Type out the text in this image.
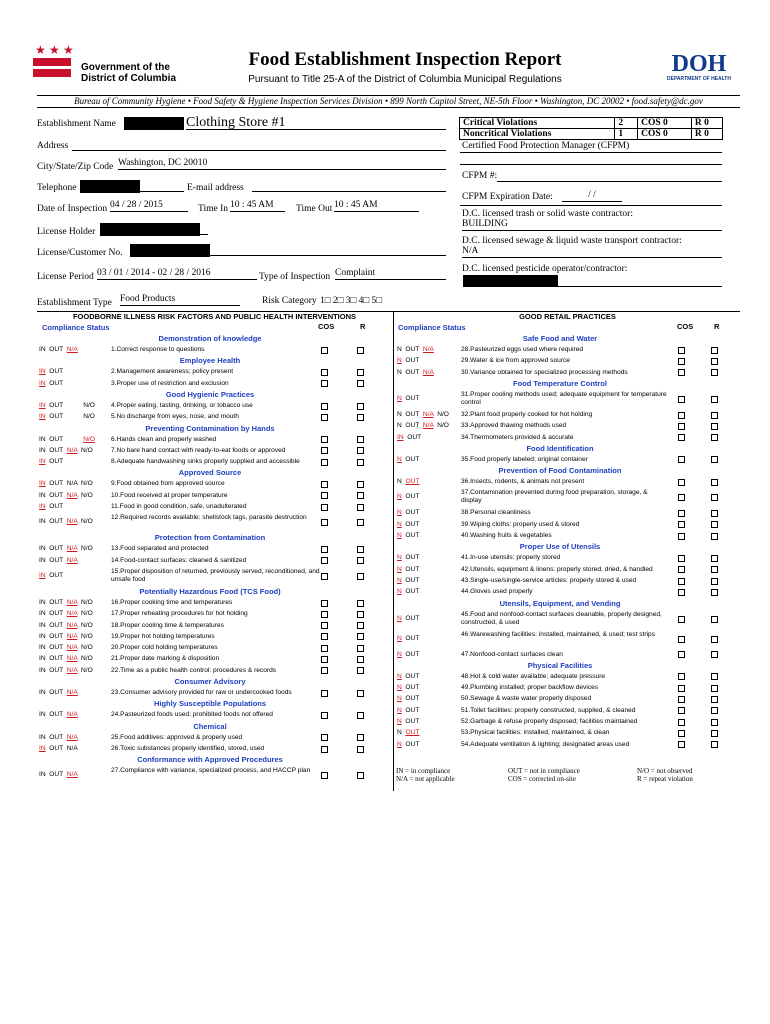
★ ★ ★
Government of the
District of Columbia
Food Establishment Inspection Report
Pursuant to Title 25-A of the District of Columbia Municipal Regulations
DOH
DEPARTMENT OF HEALTH
Bureau of Community Hygiene • Food Safety & Hygiene Inspection Services Division • 899 North Capitol Street, NE-5th Floor • Washington, DC 20002 • food.safety@dc.gov
Establishment Name	Clothing Store #1
Address
City/State/Zip Code Washington, DC 20010
Telephone	E-mail address
Date of Inspection 04 / 28 / 2015	Time In 10 : 45 AM	Time Out 10 : 45 AM
License Holder
License/Customer No.
License Period 03 / 01 / 2014 - 02 / 28 / 2016	Type of Inspection Complaint
Establishment Type Food Products	Risk Category 1□ 2□ 3□ 4□ 5□
Critical Violations	2	COS 0	R 0
Noncritical Violations	1	COS 0	R 0
Certified Food Protection Manager (CFPM)
CFPM #:
CFPM Expiration Date:	/ /
D.C. licensed trash or solid waste contractor:
BUILDING
D.C. licensed sewage & liquid waste transport contractor:
N/A
D.C. licensed pesticide operator/contractor:
FOODBORNE ILLNESS RISK FACTORS AND PUBLIC HEALTH INTERVENTIONS	GOOD RETAIL PRACTICES
Compliance Status	COS	R	Compliance Status	COS	R
Demonstration of knowledge
IN  OUT  N/A	1.Correct response to questions
Employee Health
IN  OUT	2.Management awareness; policy present
IN  OUT	3.Proper use of restriction and exclusion
Good Hygienic Practices
IN  OUT           N/O	4.Proper eating, tasting, drinking, or tobacco use
IN  OUT           N/O	5.No discharge from eyes, nose, and mouth
Preventing Contamination by Hands
IN  OUT           N/O	6.Hands clean and properly washed
IN  OUT  N/A  N/O	7.No bare hand contact with ready-to-eat foods or approved
IN  OUT	8.Adequate handwashing sinks properly supplied and accessible
Approved Source
IN  OUT  N/A  N/O	9.Food obtained from approved source
IN  OUT  N/A  N/O	10.Food received at proper temperature
IN  OUT	11.Food in good condition, safe, unadulterated
IN  OUT  N/A  N/O
12.Required records available: shellstock tags, parasite destruction
Protection from Contamination
IN  OUT  N/A  N/O	13.Food separated and protected
IN  OUT  N/A	14.Food-contact surfaces: cleaned & sanitized
IN  OUT
15.Proper disposition of returned, previously served, reconditioned, and unsafe food
Potentially Hazardous Food (TCS Food)
IN  OUT  N/A  N/O	16.Proper cooking time and temperatures
IN  OUT  N/A  N/O	17.Proper reheating procedures for hot holding
IN  OUT  N/A  N/O	18.Proper cooling time & temperatures
IN  OUT  N/A  N/O	19.Proper hot holding temperatures
IN  OUT  N/A  N/O	20.Proper cold holding temperatures
IN  OUT  N/A  N/O	21.Proper date marking & disposition
IN  OUT  N/A  N/O	22.Time as a public health control: procedures & records
Consumer Advisory
IN  OUT  N/A	23.Consumer advisory provided for raw or undercooked foods
Highly Susceptible Populations
IN  OUT  N/A	24.Pasteurized foods used; prohibited foods not offered
Chemical
IN  OUT  N/A	25.Food additives: approved & properly used
IN  OUT  N/A	26.Toxic substances properly identified, stored, used
Conformance with Approved Procedures
IN  OUT  N/A
27.Compliance with variance, specialized process, and HACCP plan
Safe Food and Water
N  OUT  N/A	28.Pasteurized eggs used where required
N  OUT	29.Water & ice from approved source
N  OUT  N/A	30.Variance obtained for specialized processing methods
Food Temperature Control
N  OUT
31.Proper cooling methods used; adequate equipment for temperature control
N  OUT  N/A  N/O	32.Plant food properly cooked for hot holding
N  OUT  N/A  N/O	33.Approved thawing methods used
IN  OUT	34.Thermometers provided & accurate
Food Identification
N  OUT	35.Food properly labeled; original container
Prevention of Food Contamination
N  OUT	36.Insects, rodents, & animals not present
N  OUT
37.Contamination prevented during food preparation, storage, & display
N  OUT	38.Personal cleanliness
N  OUT	39.Wiping cloths: properly used & stored
N  OUT	40.Washing fruits & vegetables
Proper Use of Utensils
N  OUT	41.In-use utensils: properly stored
N  OUT	42.Utensils, equipment & linens: properly stored, dried, & handled
N  OUT	43.Single-use/single-service articles: properly stored & used
N  OUT	44.Gloves used properly
Utensils, Equipment, and Vending
N  OUT
45.Food and nonfood-contact surfaces cleanable, properly designed, constructed, & used
N  OUT
46.Warewashing facilities: installed, maintained, & used; test strips
N  OUT	47.Nonfood-contact surfaces clean
Physical Facilities
N  OUT	48.Hot & cold water available; adequate pressure
N  OUT	49.Plumbing installed; proper backflow devices
N  OUT	50.Sewage & waste water properly disposed
N  OUT	51.Toilet facilities: properly constructed, supplied, & cleaned
N  OUT	52.Garbage & refuse properly disposed; facilities maintained
N  OUT	53.Physical facilities: installed, maintained, & clean
N  OUT	54.Adequate ventilation & lighting; designated areas used
IN = in compliance
N/A = not applicable
OUT = not in compliance
COS = corrected on-site
N/O = not observed
R = repeat violation
